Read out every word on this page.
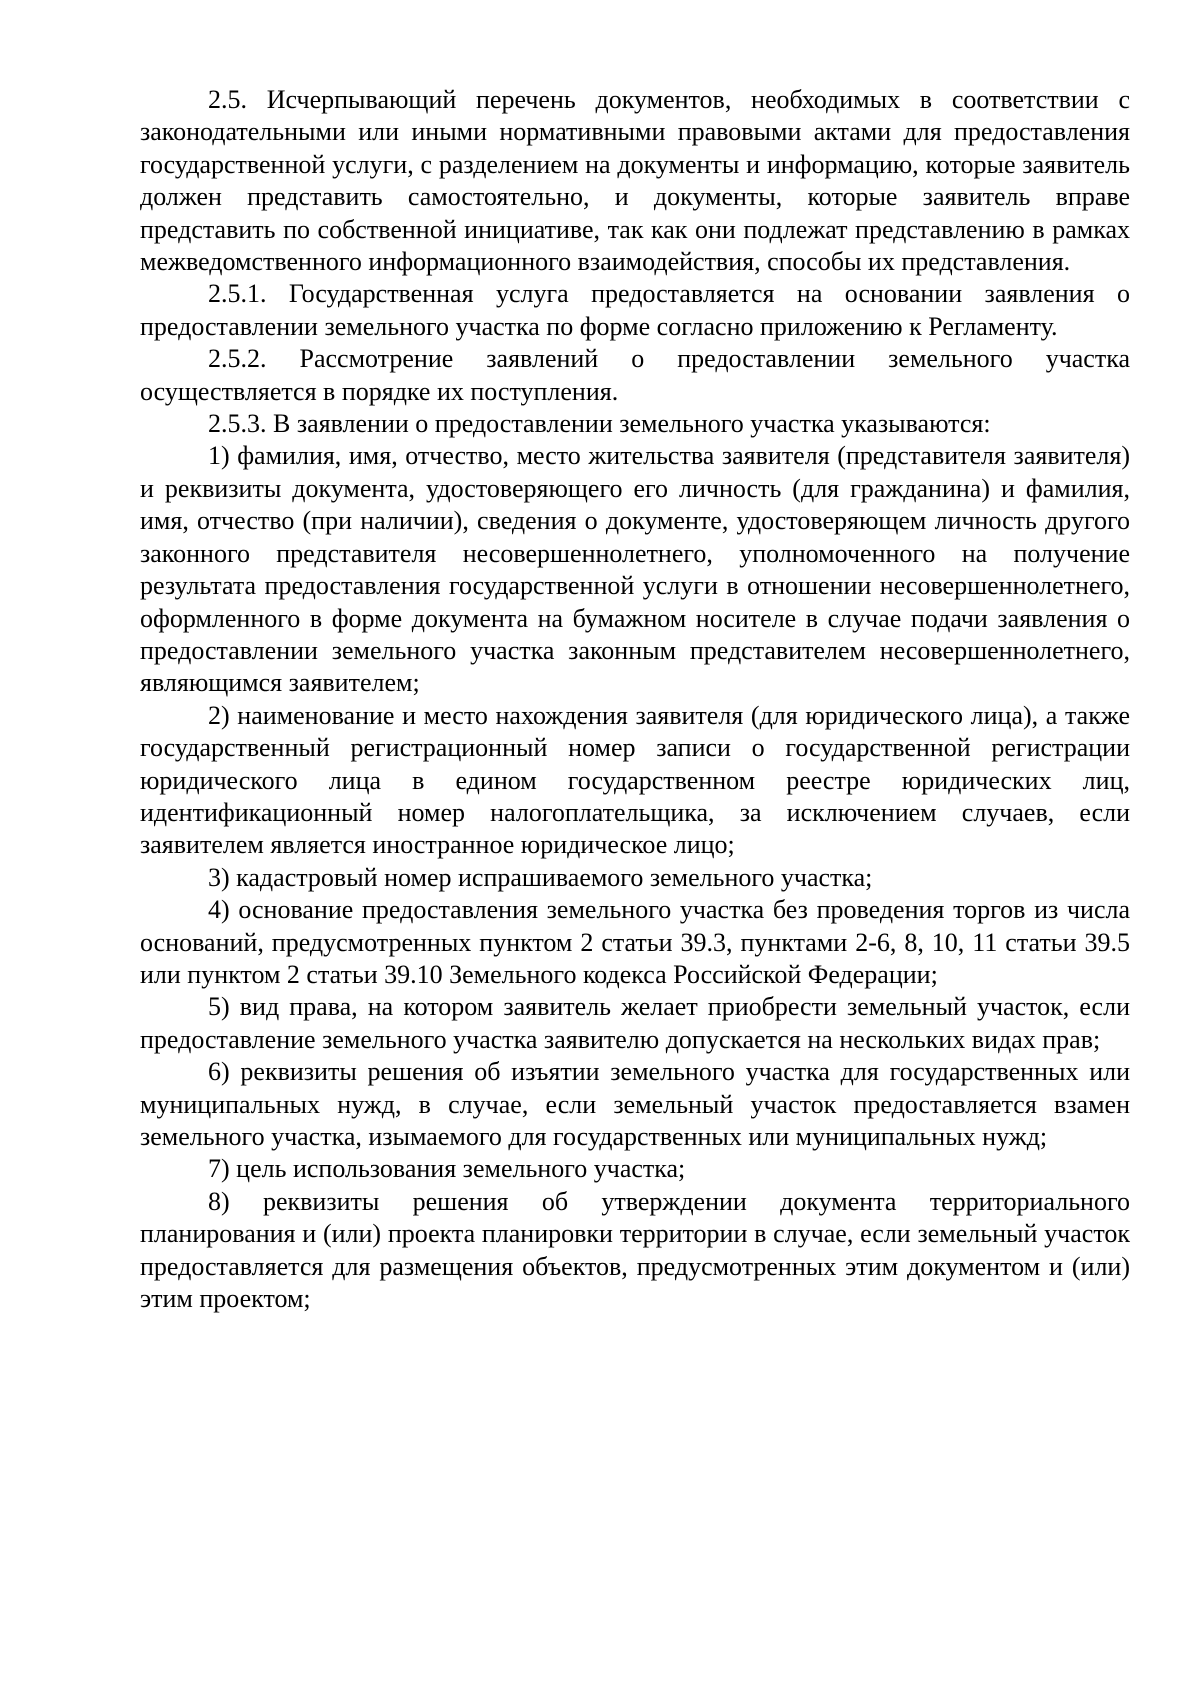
2.5. Исчерпывающий перечень документов, необходимых в соответствии с законодательными или иными нормативными правовыми актами для предоставления государственной услуги, с разделением на документы и информацию, которые заявитель должен представить самостоятельно, и документы, которые заявитель вправе представить по собственной инициативе, так как они подлежат представлению в рамках межведомственного информационного взаимодействия, способы их представления.

2.5.1. Государственная услуга предоставляется на основании заявления о предоставлении земельного участка по форме согласно приложению к Регламенту.

2.5.2. Рассмотрение заявлений о предоставлении земельного участка осуществляется в порядке их поступления.

2.5.3. В заявлении о предоставлении земельного участка указываются:

1) фамилия, имя, отчество, место жительства заявителя (представителя заявителя) и реквизиты документа, удостоверяющего его личность (для гражданина) и фамилия, имя, отчество (при наличии), сведения о документе, удостоверяющем личность другого законного представителя несовершеннолетнего, уполномоченного на получение результата предоставления государственной услуги в отношении несовершеннолетнего, оформленного в форме документа на бумажном носителе в случае подачи заявления о предоставлении земельного участка законным представителем несовершеннолетнего, являющимся заявителем;

2) наименование и место нахождения заявителя (для юридического лица), а также государственный регистрационный номер записи о государственной регистрации юридического лица в едином государственном реестре юридических лиц, идентификационный номер налогоплательщика, за исключением случаев, если заявителем является иностранное юридическое лицо;

3) кадастровый номер испрашиваемого земельного участка;

4) основание предоставления земельного участка без проведения торгов из числа оснований, предусмотренных пунктом 2 статьи 39.3, пунктами 2-6, 8, 10, 11 статьи 39.5 или пунктом 2 статьи 39.10 Земельного кодекса Российской Федерации;

5) вид права, на котором заявитель желает приобрести земельный участок, если предоставление земельного участка заявителю допускается на нескольких видах прав;

6) реквизиты решения об изъятии земельного участка для государственных или муниципальных нужд, в случае, если земельный участок предоставляется взамен земельного участка, изымаемого для государственных или муниципальных нужд;

7) цель использования земельного участка;

8) реквизиты решения об утверждении документа территориального планирования и (или) проекта планировки территории в случае, если земельный участок предоставляется для размещения объектов, предусмотренных этим документом и (или) этим проектом;
